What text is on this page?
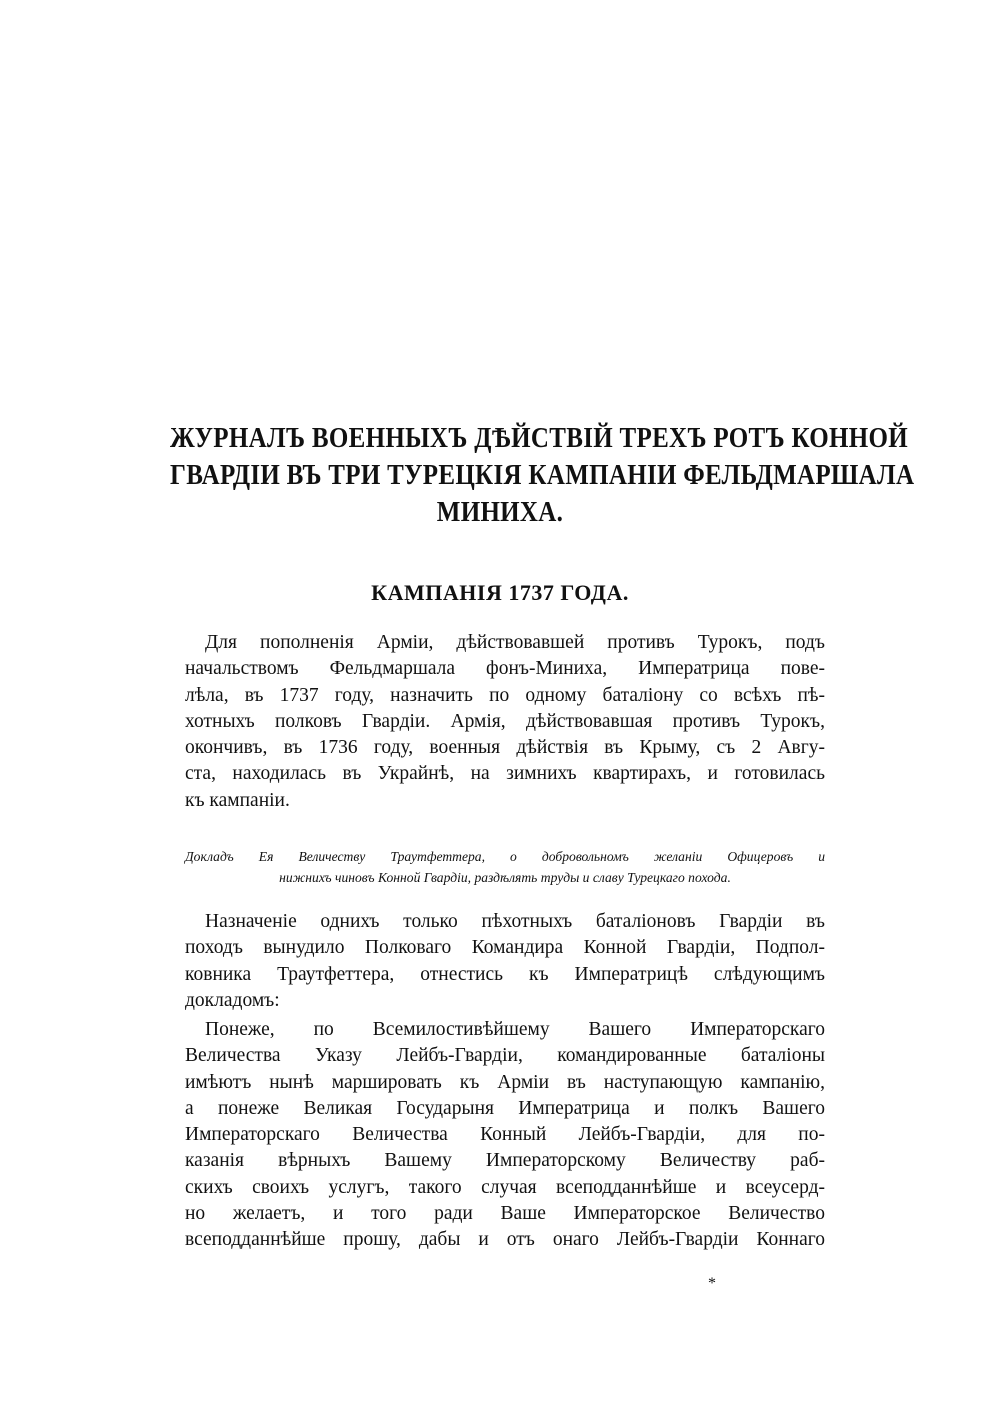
ЖУРНАЛЪ ВОЕННЫХЪ ДѢЙСТВІЙ ТРЕХЪ РОТЪ КОННОЙ
ГВАРДІИ ВЪ ТРИ ТУРЕЦКІЯ КАМПАНІИ ФЕЛЬДМАРШАЛА
МИНИХА.
КАМПАНІЯ 1737 ГОДА.
Для пополненія Арміи, дѣйствовавшей противъ Турокъ, подъ
начальствомъ Фельдмаршала фонъ-Миниха, Императрица пове-
лѣла, въ 1737 году, назначить по одному баталіону со всѣхъ пѣ-
хотныхъ полковъ Гвардіи. Армія, дѣйствовавшая противъ Турокъ,
окончивъ, въ 1736 году, военныя дѣйствія въ Крыму, съ 2 Авгу-
ста, находилась въ Украйнѣ, на зимнихъ квартирахъ, и готовилась
къ кампаніи.
Докладъ Ея Величеству Траутфеттера, о добровольномъ желаніи Офицеровъ и
нижнихъ чиновъ Конной Гвардіи, раздѣлять труды и славу Турецкаго похода.
Назначеніе однихъ только пѣхотныхъ баталіоновъ Гвардіи въ
походъ вынудило Полковаго Командира Конной Гвардіи, Подпол-
ковника Траутфеттера, отнестись къ Императрицѣ слѣдующимъ
докладомъ:
Понеже, по Всемилостивѣйшему Вашего Императорскаго
Величества Указу Лейбъ-Гвардіи, командированные баталіоны
имѣютъ нынѣ маршировать къ Арміи въ наступающую кампанію,
а понеже Великая Государыня Императрица и полкъ Вашего
Императорскаго Величества Конный Лейбъ-Гвардіи, для по-
казанія вѣрныхъ Вашему Императорскому Величеству раб-
скихъ своихъ услугъ, такого случая всеподданнѣйше и всеусерд-
но желаетъ, и того ради Ваше Императорское Величество
всеподданнѣйше прошу, дабы и отъ онаго Лейбъ-Гвардіи Коннаго
*
